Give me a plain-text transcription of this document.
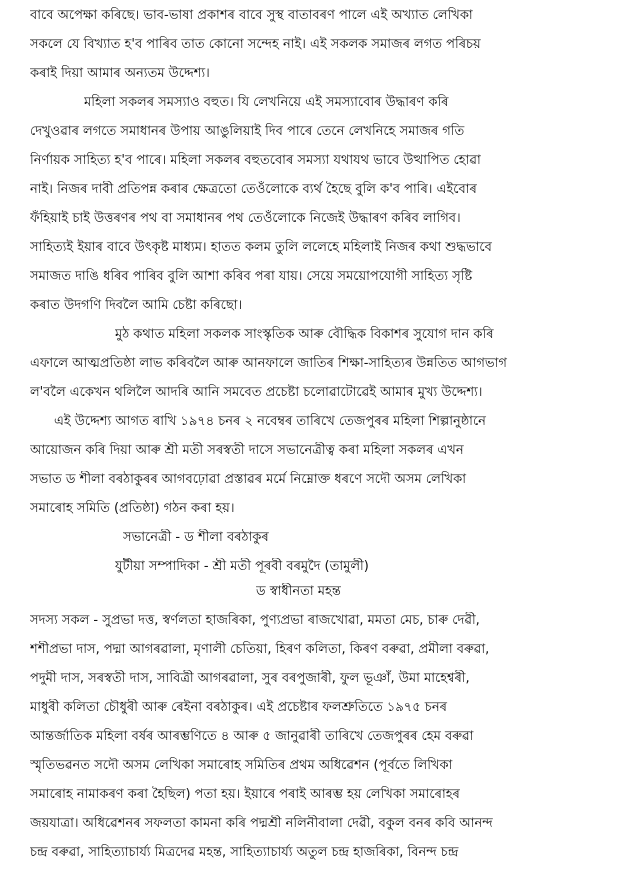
বাবে অপেক্ষা কৰিছে। ভাব-ভাষা প্ৰকাশৰ বাবে সুস্থ বাতাবৰণ পালে এই অখ্যাত লেখিকা
সকলে যে বিখ্যাত হ'ব পাৰিব তাত কোনো সন্দেহ নাই। এই সকলক সমাজৰ লগত পৰিচয়
কৰাই দিয়া আমাৰ অন্যতম উদ্দেশ্য।
মহিলা সকলৰ সমস্যাও বহুত। যি লেখনিয়ে এই সমস্যাবোৰ উদ্ধাৰণ কৰি
দেখুওৱাৰ লগতে সমাধানৰ উপায় আঙুলিয়াই দিব পাৰে তেনে লেখনিহে সমাজৰ গতি
নিৰ্ণায়ক সাহিত্য হ'ব পাৰে। মহিলা সকলৰ বহুতবোৰ সমস্যা যথাযথ ভাবে উত্থাপিত হোৱা
নাই। নিজৰ দাবী প্ৰতিপন্ন কৰাৰ ক্ষেত্ৰতো তেওঁলোকে ব্যৰ্থ হৈছে বুলি ক'ব পাৰি। এইবোৰ
ফঁহিয়াই চাই উত্তৰণৰ পথ বা সমাধানৰ পথ তেওঁলোকে নিজেই উদ্ধাৰণ কৰিব লাগিব।
সাহিত্যই ইয়াৰ বাবে উৎকৃষ্ট মাধ্যম। হাতত কলম তুলি ললেহে মহিলাই নিজৰ কথা শুদ্ধভাবে
সমাজত দাঙি ধৰিব পাৰিব বুলি আশা কৰিব পৰা যায়। সেয়ে সময়োপযোগী সাহিত্য সৃষ্টি
কৰাত উদগণি দিবলৈ আমি চেষ্টা কৰিছো।
মুঠ কথাত মহিলা সকলক সাংস্কৃতিক আৰু বৌদ্ধিক বিকাশৰ সুযোগ দান কৰি
এফালে আত্মপ্ৰতিষ্ঠা লাভ কৰিবলৈ আৰু আনফালে জাতিৰ শিক্ষা-সাহিত্যৰ উন্নতিত আগভাগ
ল'বলৈ একেখন থলিলৈ আদৰি আনি সমবেত প্ৰচেষ্টা চলোৱাটোৱেই আমাৰ মুখ্য উদ্দেশ্য।
এই উদ্দেশ্য আগত ৰাখি ১৯৭৪ চনৰ ২ নবেম্বৰ তাৰিখে তেজপুৰৰ মহিলা শিল্পানুষ্ঠানে
আয়োজন কৰি দিয়া আৰু শ্ৰী মতী সৰস্বতী দাসে সভানেত্ৰীত্ব কৰা মহিলা সকলৰ এখন
সভাত ড শীলা বৰঠাকুৰৰ আগবঢ়োৱা প্ৰস্তাৱৰ মৰ্মে নিম্নোক্ত ধৰণে সদৌ অসম লেখিকা
সমাৰোহ সমিতি (প্ৰতিষ্ঠা) গঠন কৰা হয়।
সভানেত্ৰী - ড শীলা বৰঠাকুৰ
যুটীয়া সম্পাদিকা - শ্ৰী মতী পূৰবী বৰমুদৈ (তামুলী)
ড স্বাধীনতা মহন্ত
সদস্য সকল - সুপ্ৰভা দত্ত, স্বৰ্ণলতা হাজৰিকা, পুণ্যপ্ৰভা ৰাজখোৱা, মমতা মেচ, চাৰু দেৱী,
শশীপ্ৰভা দাস, পদ্মা আগৰৱালা, মৃণালী চেতিয়া, হিৰণ কলিতা, কিৰণ বৰুৱা, প্ৰমীলা বৰুৱা,
পদুমী দাস, সৰস্বতী দাস, সাবিত্ৰী আগৰৱালা, সুৰ বৰপুজাৰী, ফুল ভূঞাঁ, উমা মাহেশ্বৰী,
মাধুৰী কলিতা চৌধুৰী আৰু ৰেইনা বৰঠাকুৰ। এই প্ৰচেষ্টাৰ ফলশ্ৰুতিতে ১৯৭৫ চনৰ
আন্তৰ্জাতিক মহিলা বৰ্ষৰ আৰম্ভণিতে ৪ আৰু ৫ জানুৱাৰী তাৰিখে তেজপুৰৰ হেম বৰুৱা
স্মৃতিভৱনত সদৌ অসম লেখিকা সমাৰোহ সমিতিৰ প্ৰথম অধিৱেশন (পূৰ্বতে লিখিকা
সমাৰোহ নামাকৰণ কৰা হৈছিল) পতা হয়। ইয়াৰে পৰাই আৰম্ভ হয় লেখিকা সমাৰোহৰ
জয়যাত্ৰা। অধিৱেশনৰ সফলতা কামনা কৰি পদ্মশ্ৰী নলিনীবালা দেৱী, বকুল বনৰ কবি আনন্দ
চন্দ্ৰ বৰুৱা, সাহিত্যাচাৰ্য্য মিত্ৰদেৱ মহন্ত, সাহিত্যাচাৰ্য্য অতুল চন্দ্ৰ হাজৰিকা, বিনন্দ চন্দ্ৰ
